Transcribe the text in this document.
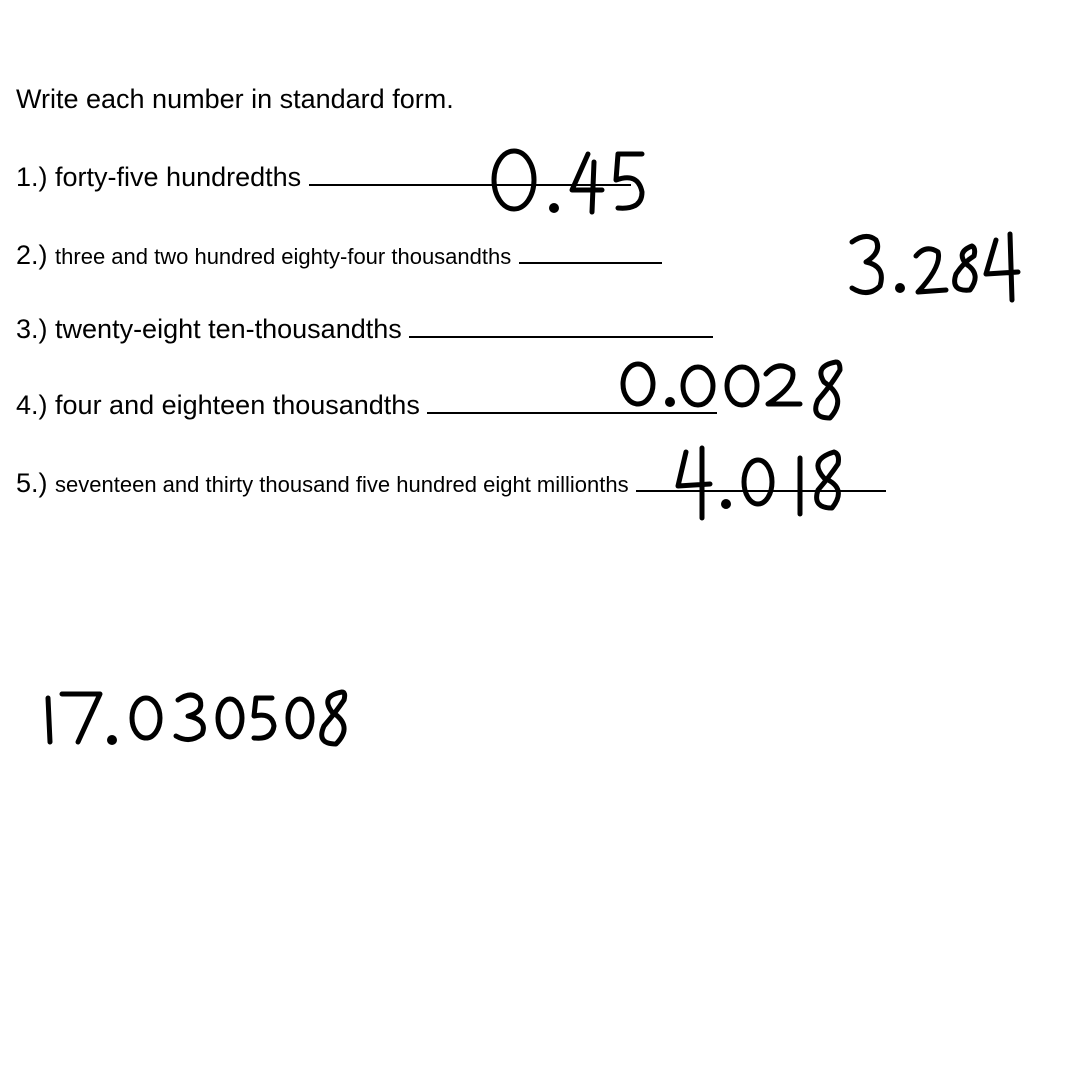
Write each number in standard form.
1.) forty-five hundredths
2.) three and two hundred eighty-four thousandths
3.) twenty-eight ten-thousandths
4.) four and eighteen thousandths
5.) seventeen and thirty thousand five hundred eight millionths
